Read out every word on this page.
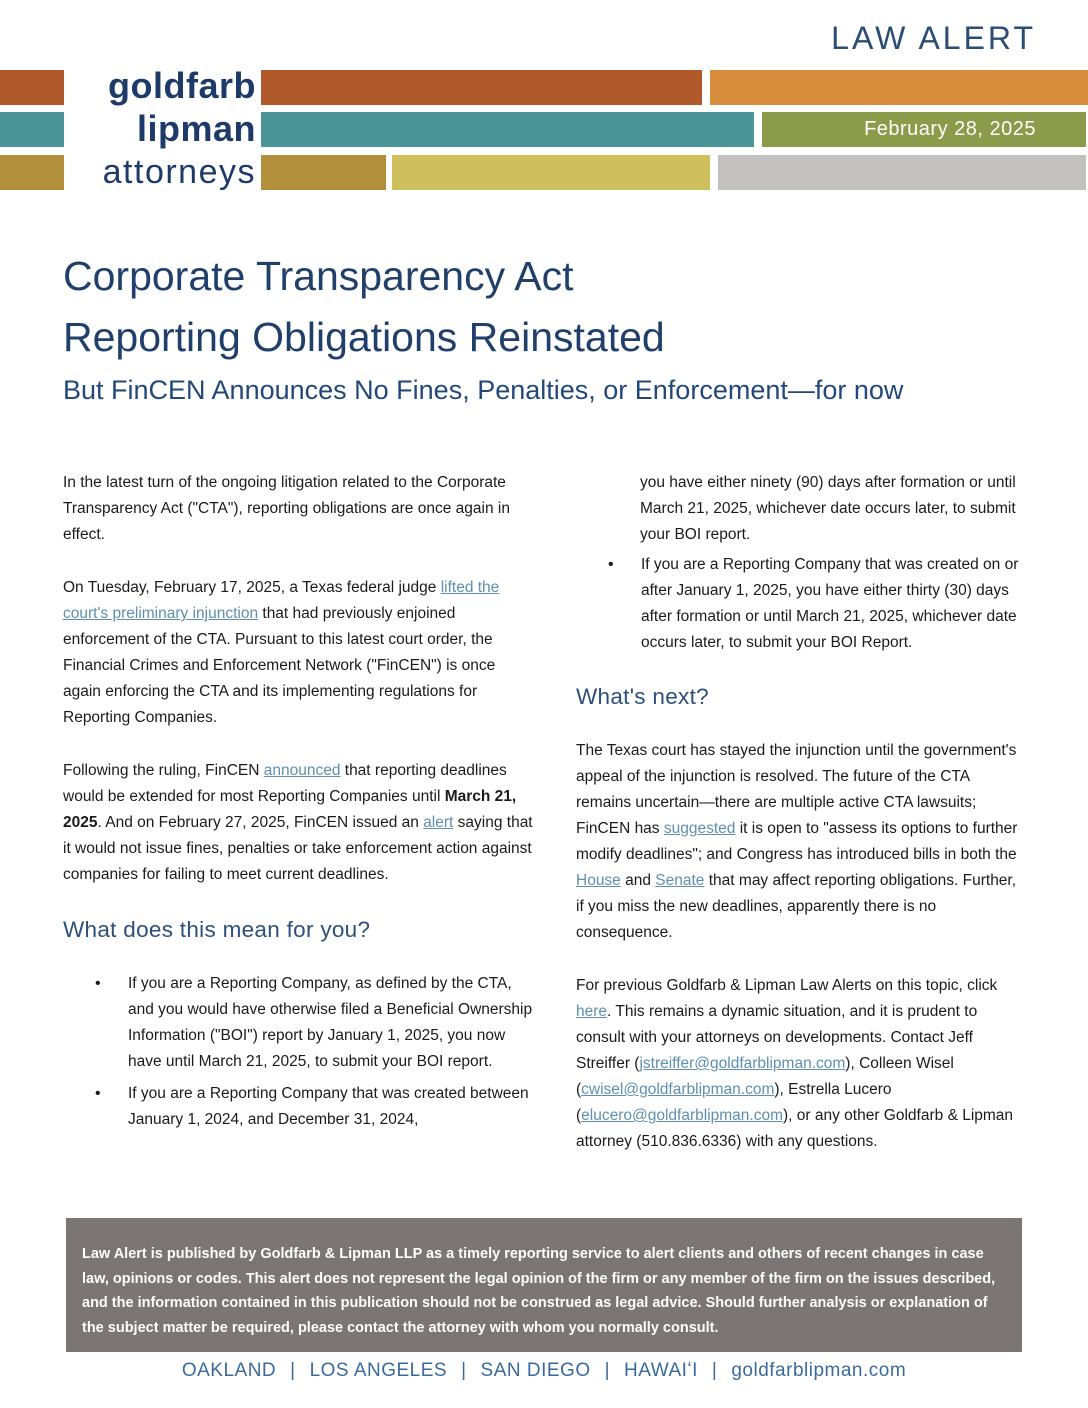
LAW ALERT
February 28, 2025
goldfarb
lipman
attorneys
Corporate Transparency Act
Reporting Obligations Reinstated
But FinCEN Announces No Fines, Penalties, or Enforcement—for now

In the latest turn of the ongoing litigation related to the Corporate Transparency Act ("CTA"), reporting obligations are once again in effect.

On Tuesday, February 17, 2025, a Texas federal judge lifted the court's preliminary injunction that had previously enjoined enforcement of the CTA. Pursuant to this latest court order, the Financial Crimes and Enforcement Network ("FinCEN") is once again enforcing the CTA and its implementing regulations for Reporting Companies.

Following the ruling, FinCEN announced that reporting deadlines would be extended for most Reporting Companies until March 21, 2025. And on February 27, 2025, FinCEN issued an alert saying that it would not issue fines, penalties or take enforcement action against companies for failing to meet current deadlines.

What does this mean for you?
• If you are a Reporting Company, as defined by the CTA, and you would have otherwise filed a Beneficial Ownership Information ("BOI") report by January 1, 2025, you now have until March 21, 2025, to submit your BOI report.
• If you are a Reporting Company that was created between January 1, 2024, and December 31, 2024,
you have either ninety (90) days after formation or until March 21, 2025, whichever date occurs later, to submit your BOI report.
• If you are a Reporting Company that was created on or after January 1, 2025, you have either thirty (30) days after formation or until March 21, 2025, whichever date occurs later, to submit your BOI Report.
What's next?

The Texas court has stayed the injunction until the government's appeal of the injunction is resolved. The future of the CTA remains uncertain—there are multiple active CTA lawsuits; FinCEN has suggested it is open to "assess its options to further modify deadlines"; and Congress has introduced bills in both the House and Senate that may affect reporting obligations. Further, if you miss the new deadlines, apparently there is no consequence.

For previous Goldfarb & Lipman Law Alerts on this topic, click here. This remains a dynamic situation, and it is prudent to consult with your attorneys on developments. Contact Jeff Streiffer (jstreiffer@goldfarblipman.com), Colleen Wisel (cwisel@goldfarblipman.com), Estrella Lucero (elucero@goldfarblipman.com), or any other Goldfarb & Lipman attorney (510.836.6336) with any questions.

Law Alert is published by Goldfarb & Lipman LLP as a timely reporting service to alert clients and others of recent changes in case law, opinions or codes. This alert does not represent the legal opinion of the firm or any member of the firm on the issues described, and the information contained in this publication should not be construed as legal advice. Should further analysis or explanation of the subject matter be required, please contact the attorney with whom you normally consult.

OAKLAND | LOS ANGELES | SAN DIEGO | HAWAIʻI | goldfarblipman.com
